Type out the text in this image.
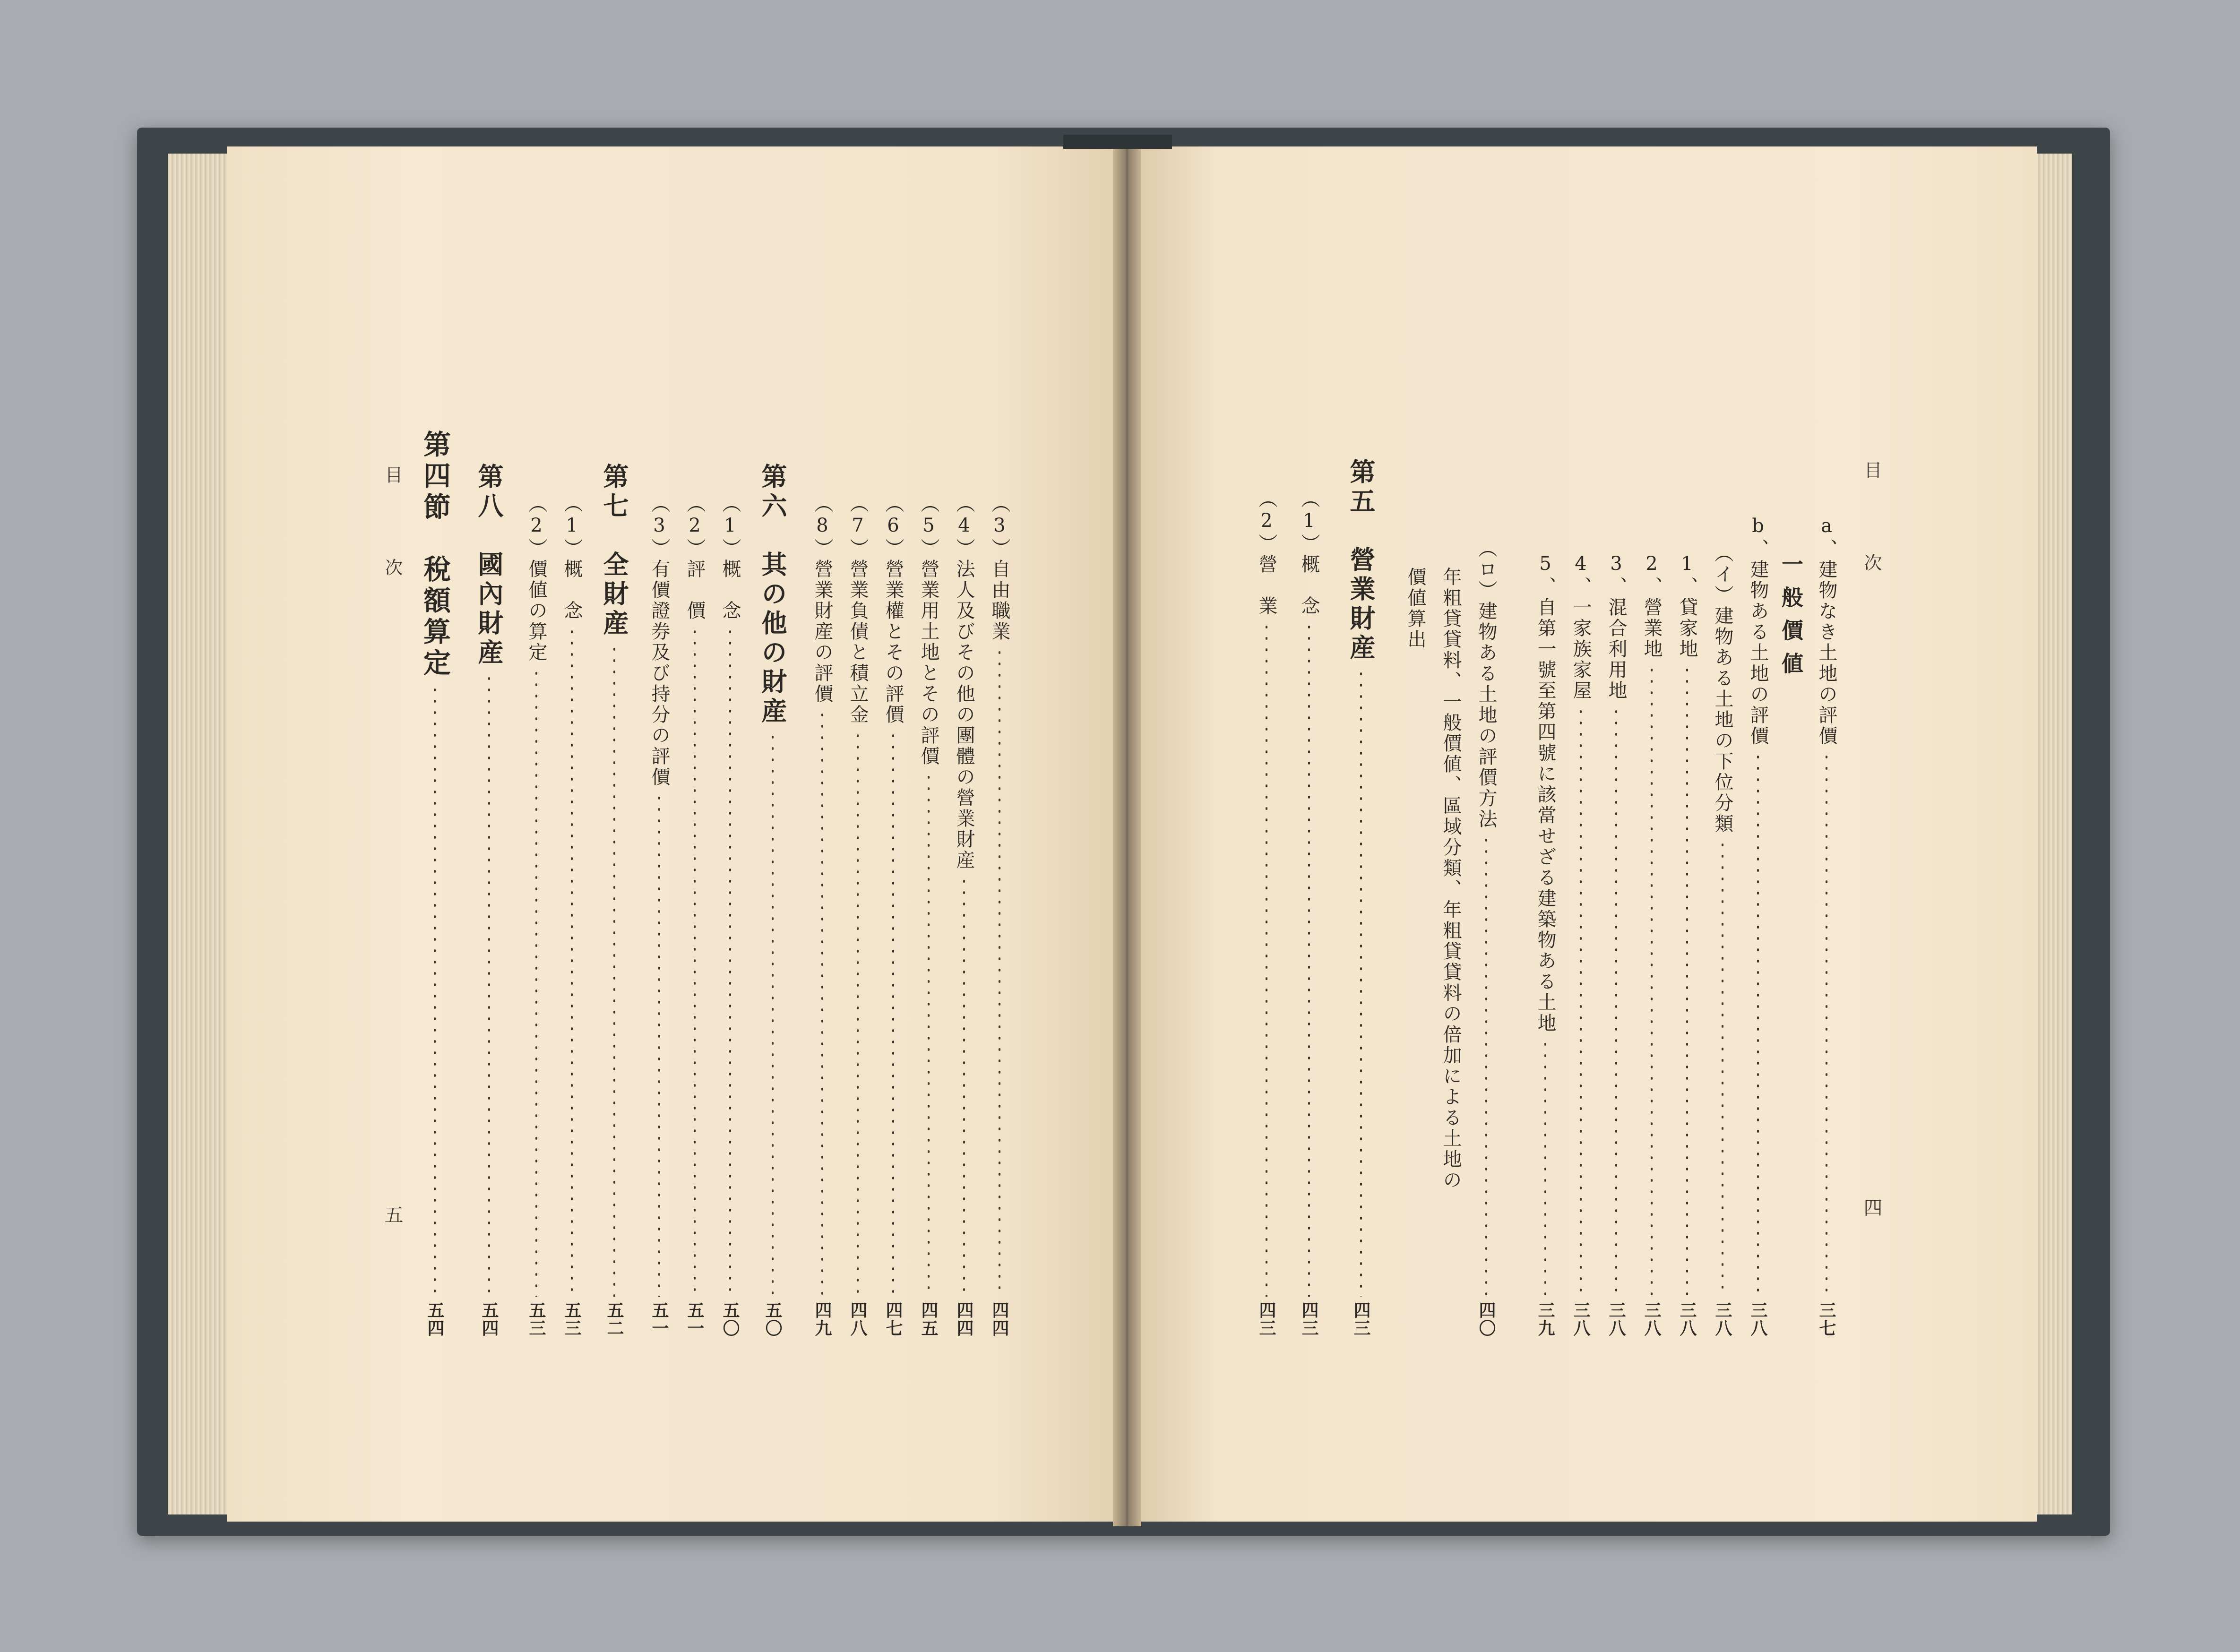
目　次
四
a、建物なき土地の評價
三七
一般價値
b、建物ある土地の評價
三八
（イ）建物ある土地の下位分類
三八
1、貸家地
三八
2、營業地
三八
3、混合利用地
三八
4、一家族家屋
三八
5、自第一號至第四號に該當せざる建築物ある土地
三九
（ロ）建物ある土地の評價方法
四〇
年粗貸貸料、一般價値、區域分類、年粗貸貸料の倍加による土地の
價値算出
第五　營業財産
四三
（1）概　念
四三
（2）營　業
四三
（3）自由職業
四四
（4）法人及びその他の團體の營業財産
四四
（5）營業用土地とその評價
四五
（6）營業權とその評價
四七
（7）營業負債と積立金
四八
（8）營業財産の評價
四九
第六　其の他の財産
五〇
（1）概　念
五〇
（2）評　價
五一
（3）有價證券及び持分の評價
五一
第七　全財産
五二
（1）概　念
五三
（2）價値の算定
五三
第八　國內財産
五四
第四節　稅額算定
五四
目　次
五
